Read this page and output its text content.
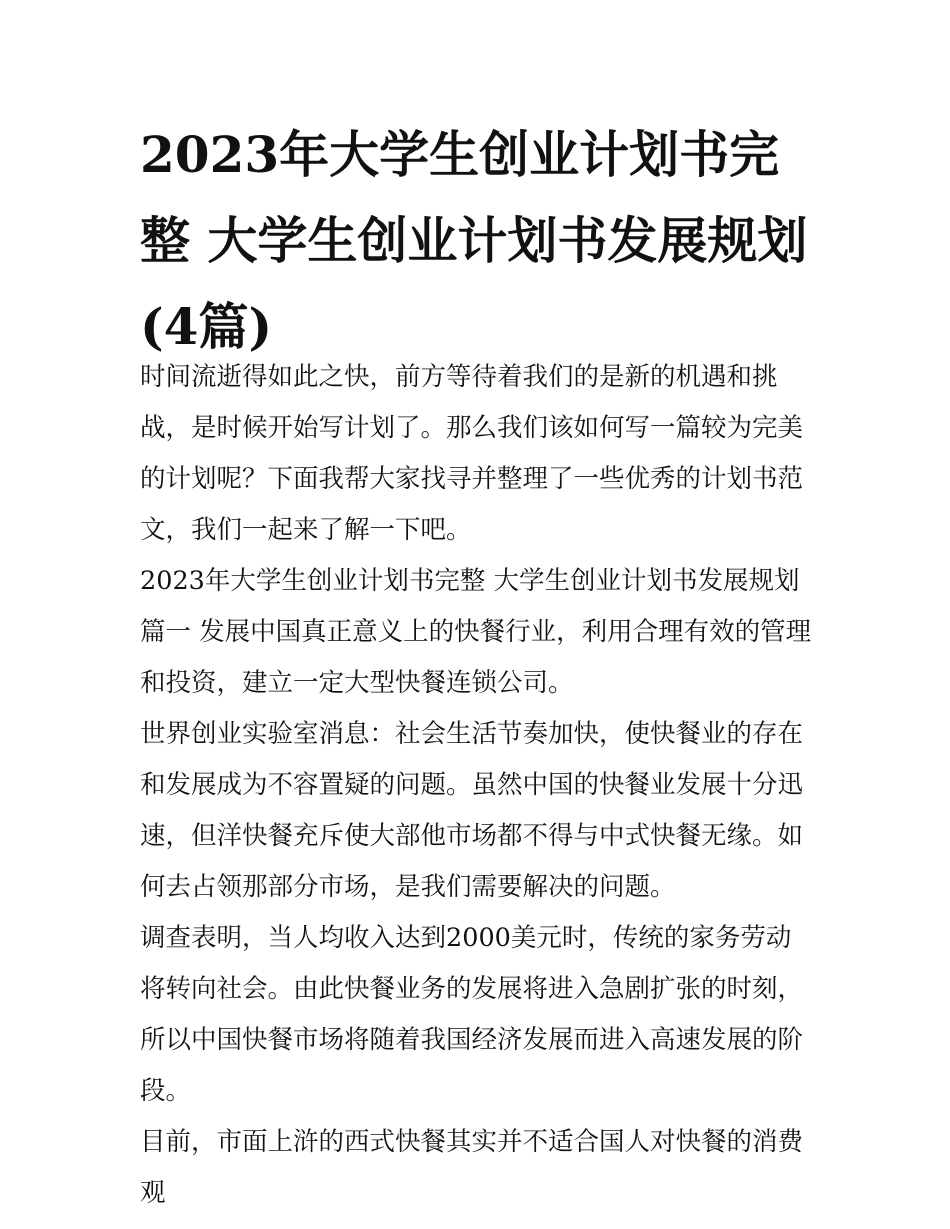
2023年大学生创业计划书完整 大学生创业计划书发展规划(4篇)

时间流逝得如此之快，前方等待着我们的是新的机遇和挑战，是时候开始写计划了。那么我们该如何写一篇较为完美的计划呢？下面我帮大家找寻并整理了一些优秀的计划书范文，我们一起来了解一下吧。

2023年大学生创业计划书完整 大学生创业计划书发展规划篇一 发展中国真正意义上的快餐行业，利用合理有效的管理和投资，建立一定大型快餐连锁公司。

世界创业实验室消息：社会生活节奏加快，使快餐业的存在和发展成为不容置疑的问题。虽然中国的快餐业发展十分迅速，但洋快餐充斥使大部他市场都不得与中式快餐无缘。如何去占领那部分市场，是我们需要解决的问题。

调查表明，当人均收入达到2000美元时，传统的家务劳动将转向社会。由此快餐业务的发展将进入急剧扩张的时刻，所以中国快餐市场将随着我国经济发展而进入高速发展的阶段。

目前，市面上浒的西式快餐其实并不适合国人对快餐的消费观
